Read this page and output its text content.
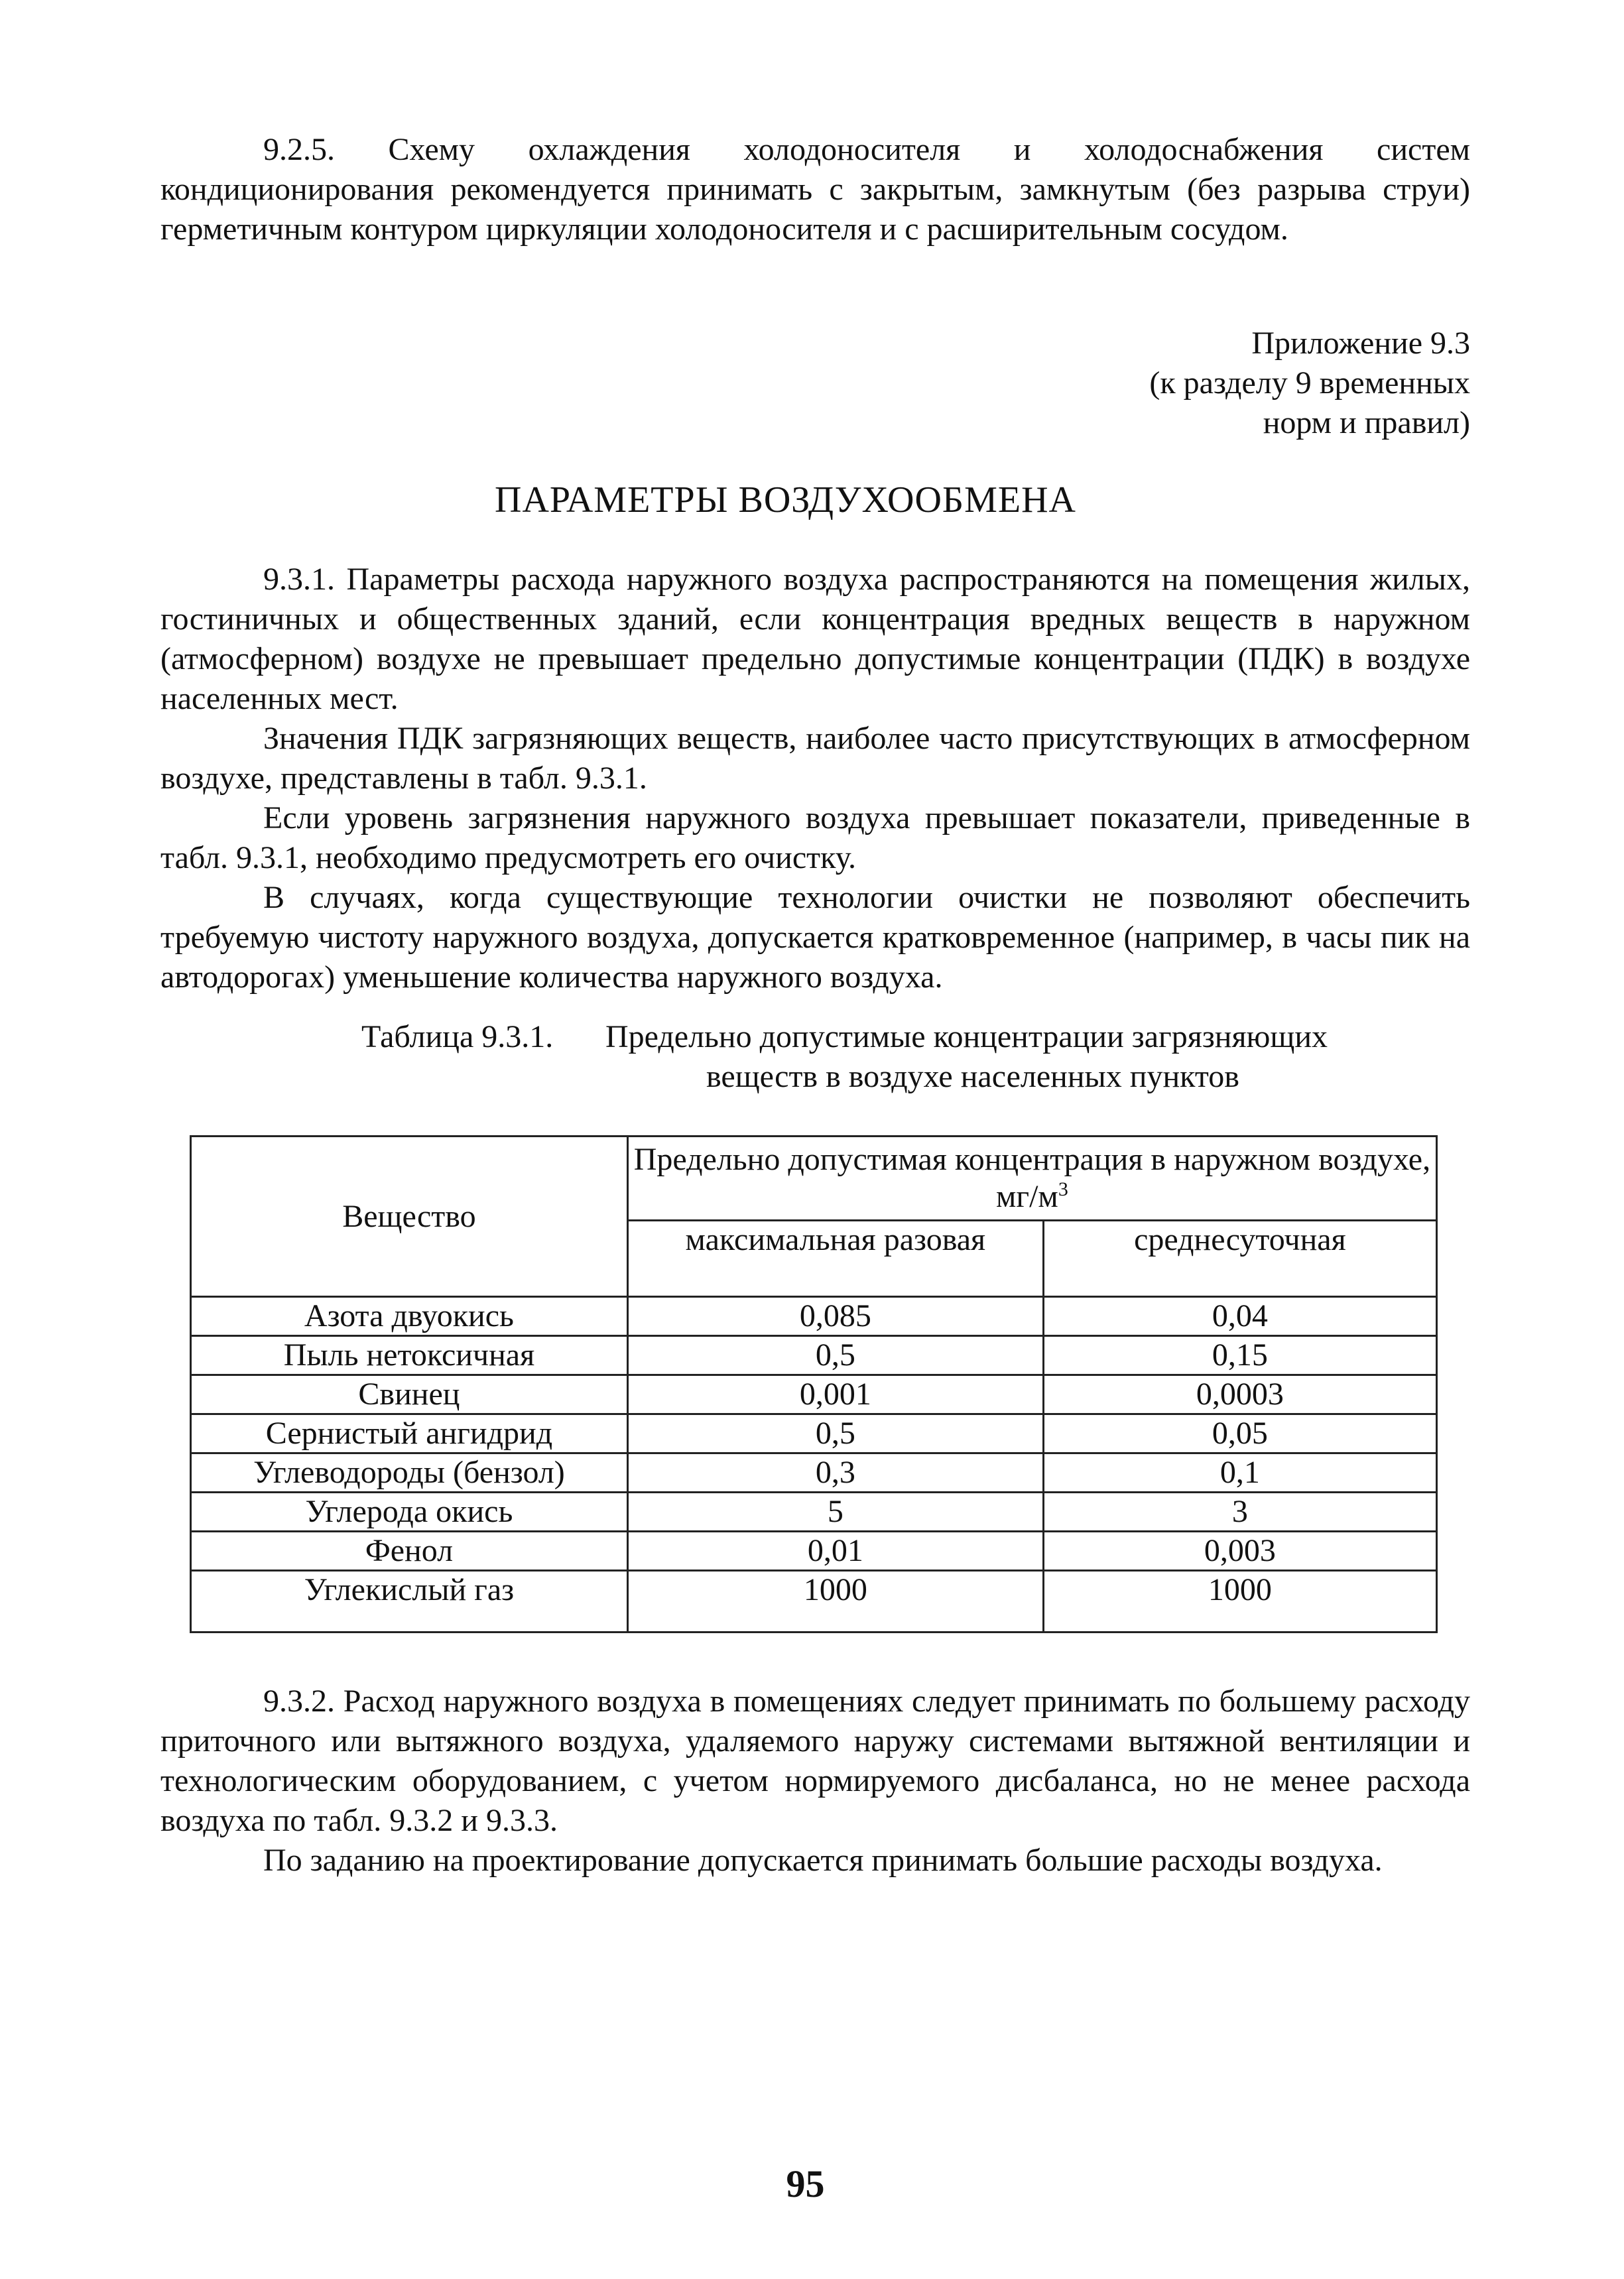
9.2.5. Схему охлаждения холодоносителя и холодоснабжения систем кондиционирования рекомендуется принимать с закрытым, замкнутым (без разрыва струи) герметичным контуром циркуляции холодоносителя и с расширительным сосудом.

Приложение 9.3
(к разделу 9 временных
норм и правил)
ПАРАМЕТРЫ ВОЗДУХООБМЕНА

9.3.1. Параметры расхода наружного воздуха распространяются на помещения жилых, гостиничных и общественных зданий, если концентрация вредных веществ в наружном (атмосферном) воздухе не превышает предельно допустимые концентрации (ПДК) в воздухе населенных мест.

Значения ПДК загрязняющих веществ, наиболее часто присутствующих в атмосферном воздухе, представлены в табл. 9.3.1.

Если уровень загрязнения наружного воздуха превышает показатели, приведенные в табл. 9.3.1, необходимо предусмотреть его очистку.

В случаях, когда существующие технологии очистки не позволяют обеспечить требуемую чистоту наружного воздуха, допускается кратковременное (например, в часы пик на автодорогах) уменьшение количества наружного воздуха.

Таблица 9.3.1. Предельно допустимые концентрации загрязняющих
веществ в воздухе населенных пунктов
Вещество	Предельно допустимая концентрация в наружном воздухе, $мг/м^3$
	максимальная разовая	среднесуточная
Азота двуокись	0,085	0,04
Пыль нетоксичная	0,5	0,15
Свинец	0,001	0,0003
Сернистый ангидрид	0,5	0,05
Углеводороды (бензол)	0,3	0,1
Углерода окись	5	3
Фенол	0,01	0,003
Углекислый газ	1000	1000

9.3.2. Расход наружного воздуха в помещениях следует принимать по большему расходу приточного или вытяжного воздуха, удаляемого наружу системами вытяжной вентиляции и технологическим оборудованием, с учетом нормируемого дисбаланса, но не менее расхода воздуха по табл. 9.3.2 и 9.3.3.

По заданию на проектирование допускается принимать большие расходы воздуха.

95
